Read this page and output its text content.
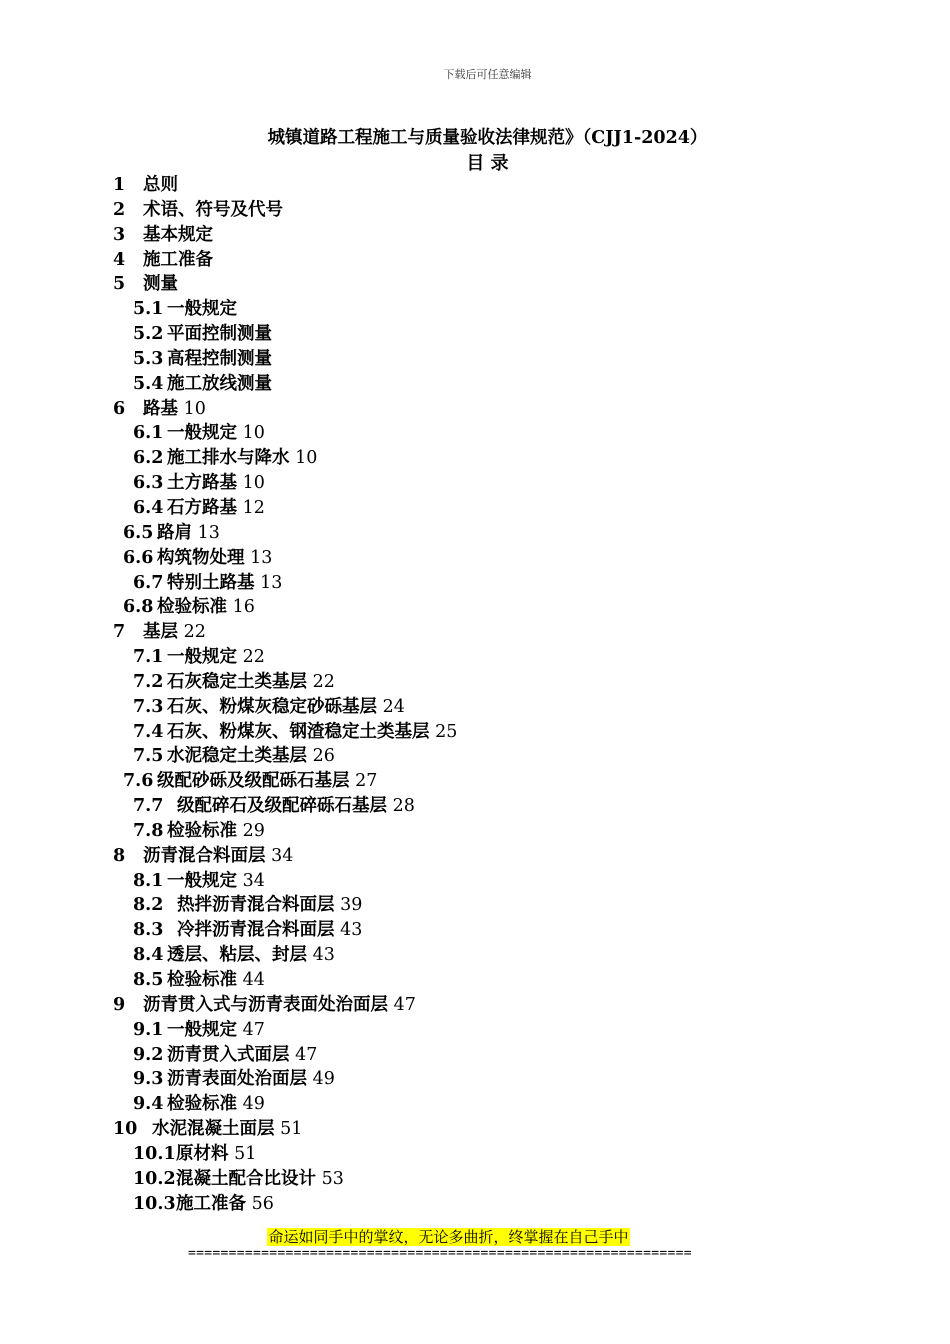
下载后可任意编辑
城镇道路工程施工与质量验收法律规范》（CJJ1-2024）
目 录
1 总则
2 术语、符号及代号
3 基本规定
4 施工准备
5 测量
5.1 一般规定
5.2 平面控制测量
5.3 高程控制测量
5.4 施工放线测量
6 路基 10
6.1 一般规定 10
6.2 施工排水与降水 10
6.3 土方路基 10
6.4 石方路基 12
6.5 路肩 13
6.6 构筑物处理 13
6.7 特别土路基 13
6.8 检验标准 16
7 基层 22
7.1 一般规定 22
7.2 石灰稳定土类基层 22
7.3 石灰、粉煤灰稳定砂砾基层 24
7.4 石灰、粉煤灰、钢渣稳定土类基层 25
7.5 水泥稳定土类基层 26
7.6 级配砂砾及级配砾石基层 27
7.7 级配碎石及级配碎砾石基层 28
7.8 检验标准 29
8 沥青混合料面层 34
8.1 一般规定 34
8.2 热拌沥青混合料面层 39
8.3 冷拌沥青混合料面层 43
8.4 透层、粘层、封层 43
8.5 检验标准 44
9 沥青贯入式与沥青表面处治面层 47
9.1 一般规定 47
9.2 沥青贯入式面层 47
9.3 沥青表面处治面层 49
9.4 检验标准 49
10 水泥混凝土面层 51
10.1原材料 51
10.2混凝土配合比设计 53
10.3施工准备 56
命运如同手中的掌纹，无论多曲折，终掌握在自己手中
==============================================================
